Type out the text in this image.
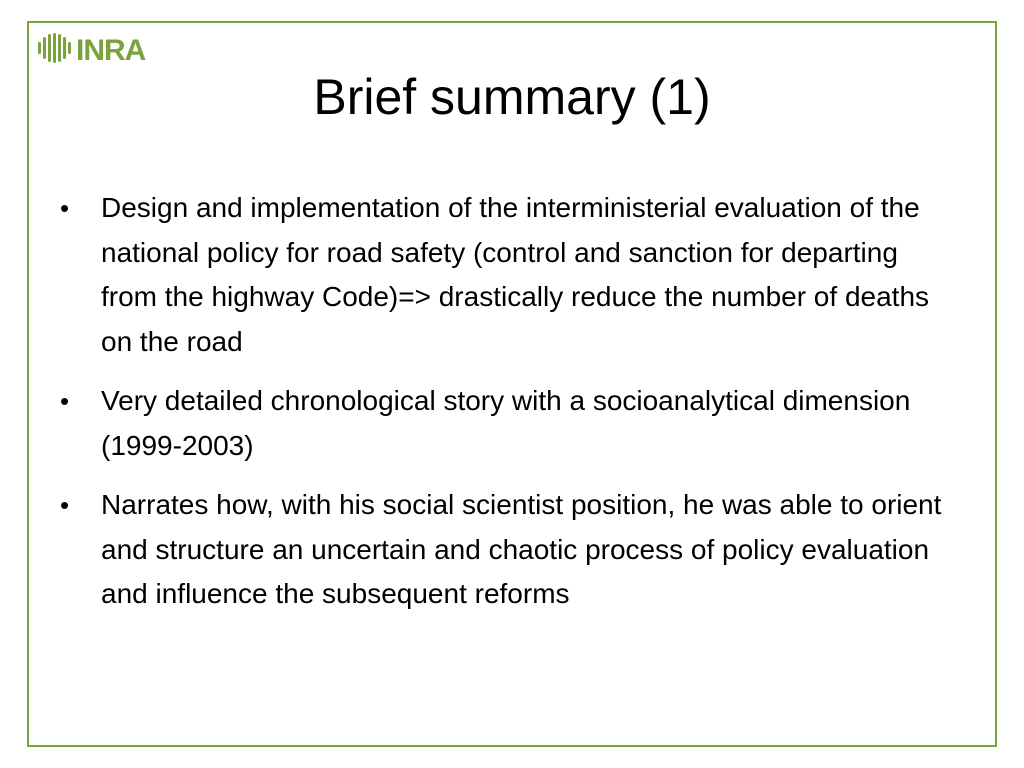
INRA
Brief summary (1)
• Design and implementation of the interministerial evaluation of the national policy for road safety (control and sanction for departing from the highway Code)=> drastically reduce the number of deaths on the road
• Very detailed chronological story with a socioanalytical dimension (1999-2003)
• Narrates how, with his social scientist position, he was able to orient and structure an uncertain and chaotic process of policy evaluation and influence the subsequent reforms
